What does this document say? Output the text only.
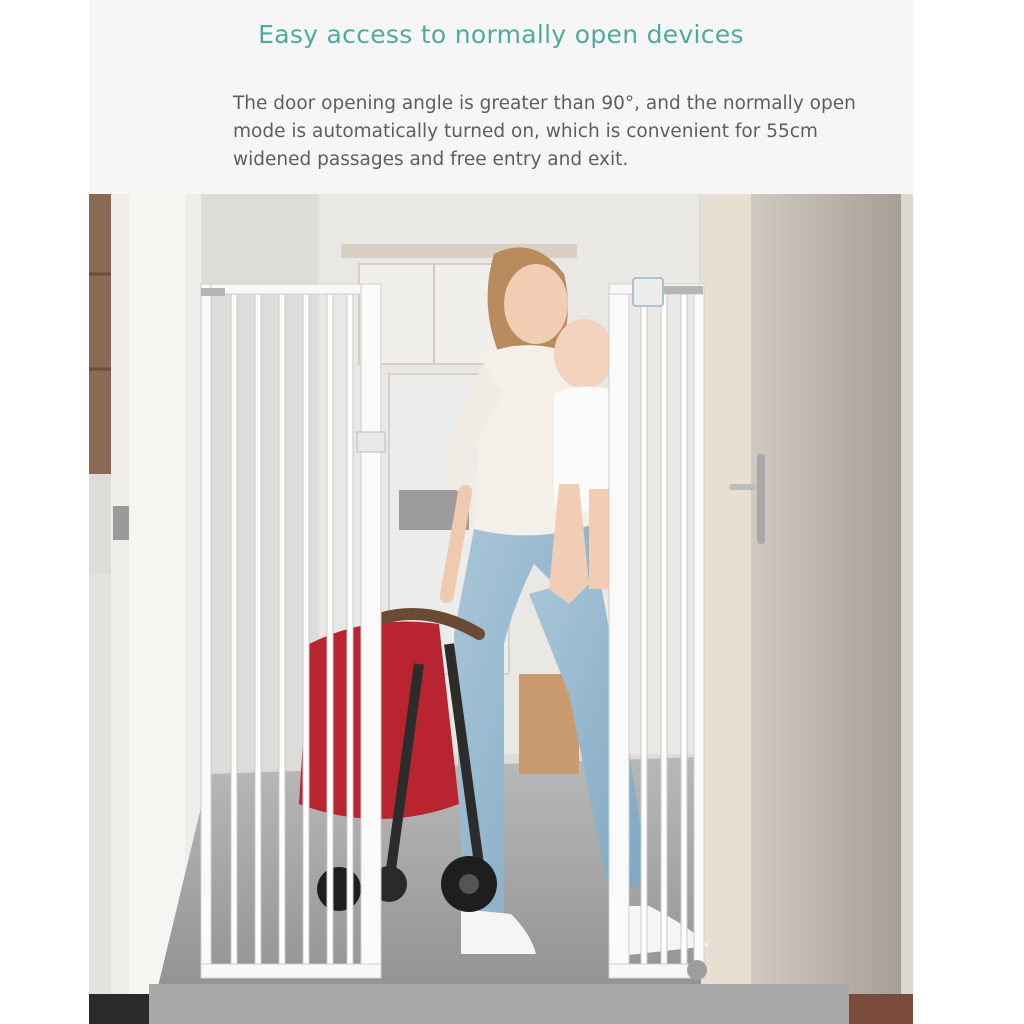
Easy access to normally open devices
The door opening angle is greater than 90°, and the normally open mode is automatically turned on, which is convenient for 55cm widened passages and free entry and exit.
